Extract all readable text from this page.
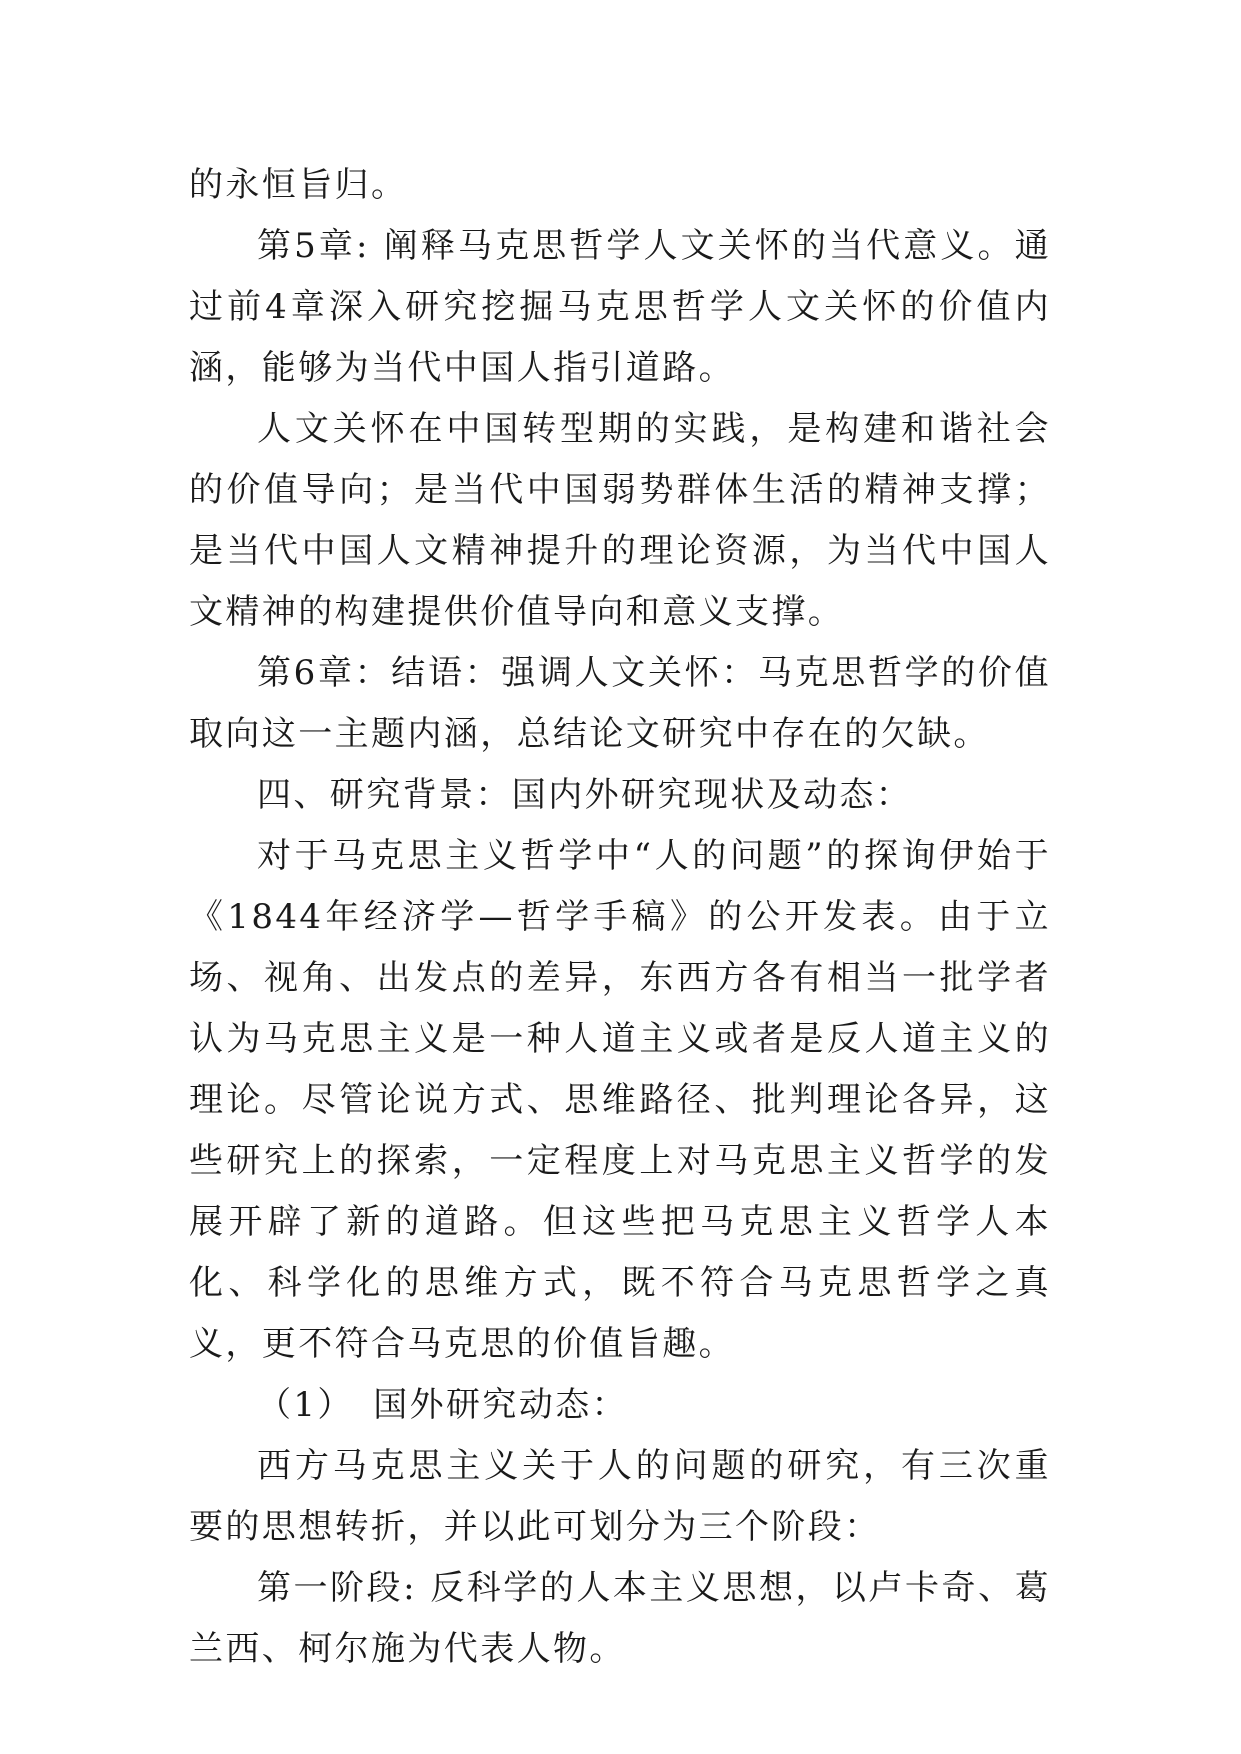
的永恒旨归。

第5章: 阐释马克思哲学人文关怀的当代意义。通过前4章深入研究挖掘马克思哲学人文关怀的价值内涵，能够为当代中国人指引道路。

人文关怀在中国转型期的实践，是构建和谐社会的价值导向；是当代中国弱势群体生活的精神支撑；是当代中国人文精神提升的理论资源，为当代中国人文精神的构建提供价值导向和意义支撑。

第6章：结语：强调人文关怀：马克思哲学的价值取向这一主题内涵，总结论文研究中存在的欠缺。

四、研究背景：国内外研究现状及动态：

对于马克思主义哲学中“人的问题”的探询伊始于《1844年经济学—哲学手稿》的公开发表。由于立场、视角、出发点的差异，东西方各有相当一批学者认为马克思主义是一种人道主义或者是反人道主义的理论。尽管论说方式、思维路径、批判理论各异，这些研究上的探索，一定程度上对马克思主义哲学的发展开辟了新的道路。但这些把马克思主义哲学人本化、科学化的思维方式，既不符合马克思哲学之真义，更不符合马克思的价值旨趣。

（1）　国外研究动态：

西方马克思主义关于人的问题的研究，有三次重要的思想转折，并以此可划分为三个阶段：

第一阶段: 反科学的人本主义思想，以卢卡奇、葛兰西、柯尔施为代表人物。
